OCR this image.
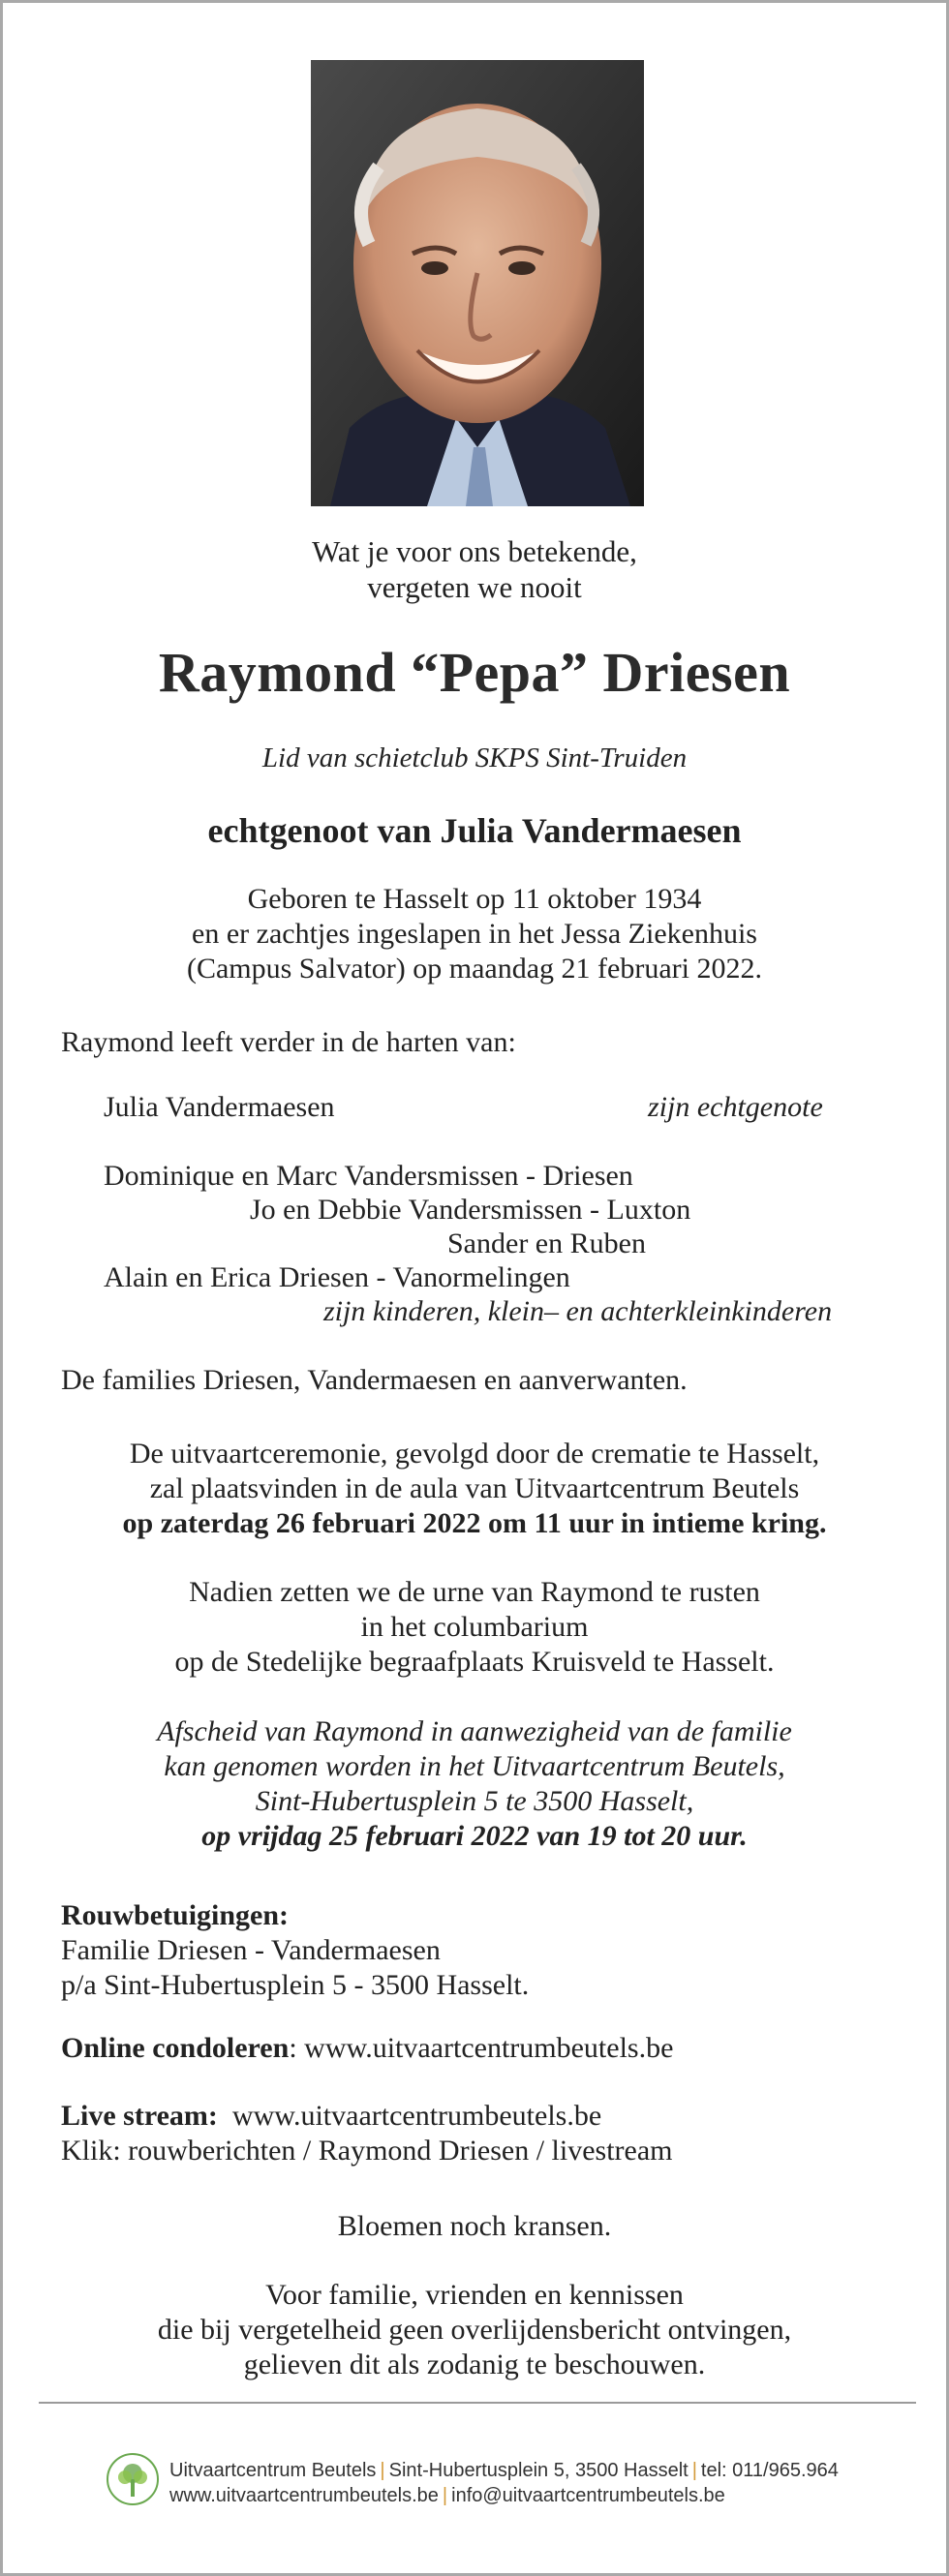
Wat je voor ons betekende,
vergeten we nooit
Raymond “Pepa” Driesen
Lid van schietclub SKPS Sint-Truiden
echtgenoot van Julia Vandermaesen
Geboren te Hasselt op 11 oktober 1934
en er zachtjes ingeslapen in het Jessa Ziekenhuis
(Campus Salvator) op maandag 21 februari 2022.
Raymond leeft verder in de harten van:
Julia Vandermaesen	zijn echtgenote
Dominique en Marc Vandersmissen - Driesen
Jo en Debbie Vandersmissen - Luxton
Sander en Ruben
Alain en Erica Driesen - Vanormelingen
zijn kinderen, klein– en achterkleinkinderen
De families Driesen, Vandermaesen en aanverwanten.
De uitvaartceremonie, gevolgd door de crematie te Hasselt,
zal plaatsvinden in de aula van Uitvaartcentrum Beutels
op zaterdag 26 februari 2022 om 11 uur in intieme kring.
Nadien zetten we de urne van Raymond te rusten
in het columbarium
op de Stedelijke begraafplaats Kruisveld te Hasselt.
Afscheid van Raymond in aanwezigheid van de familie
kan genomen worden in het Uitvaartcentrum Beutels,
Sint-Hubertusplein 5 te 3500 Hasselt,
op vrijdag 25 februari 2022 van 19 tot 20 uur.
Rouwbetuigingen:
Familie Driesen - Vandermaesen
p/a Sint-Hubertusplein 5 - 3500 Hasselt.
Online condoleren: www.uitvaartcentrumbeutels.be
Live stream: www.uitvaartcentrumbeutels.be
Klik: rouwberichten / Raymond Driesen / livestream
Bloemen noch kransen.
Voor familie, vrienden en kennissen
die bij vergetelheid geen overlijdensbericht ontvingen,
gelieven dit als zodanig te beschouwen.
Uitvaartcentrum Beutels | Sint-Hubertusplein 5, 3500 Hasselt | tel: 011/965.964
www.uitvaartcentrumbeutels.be | info@uitvaartcentrumbeutels.be
